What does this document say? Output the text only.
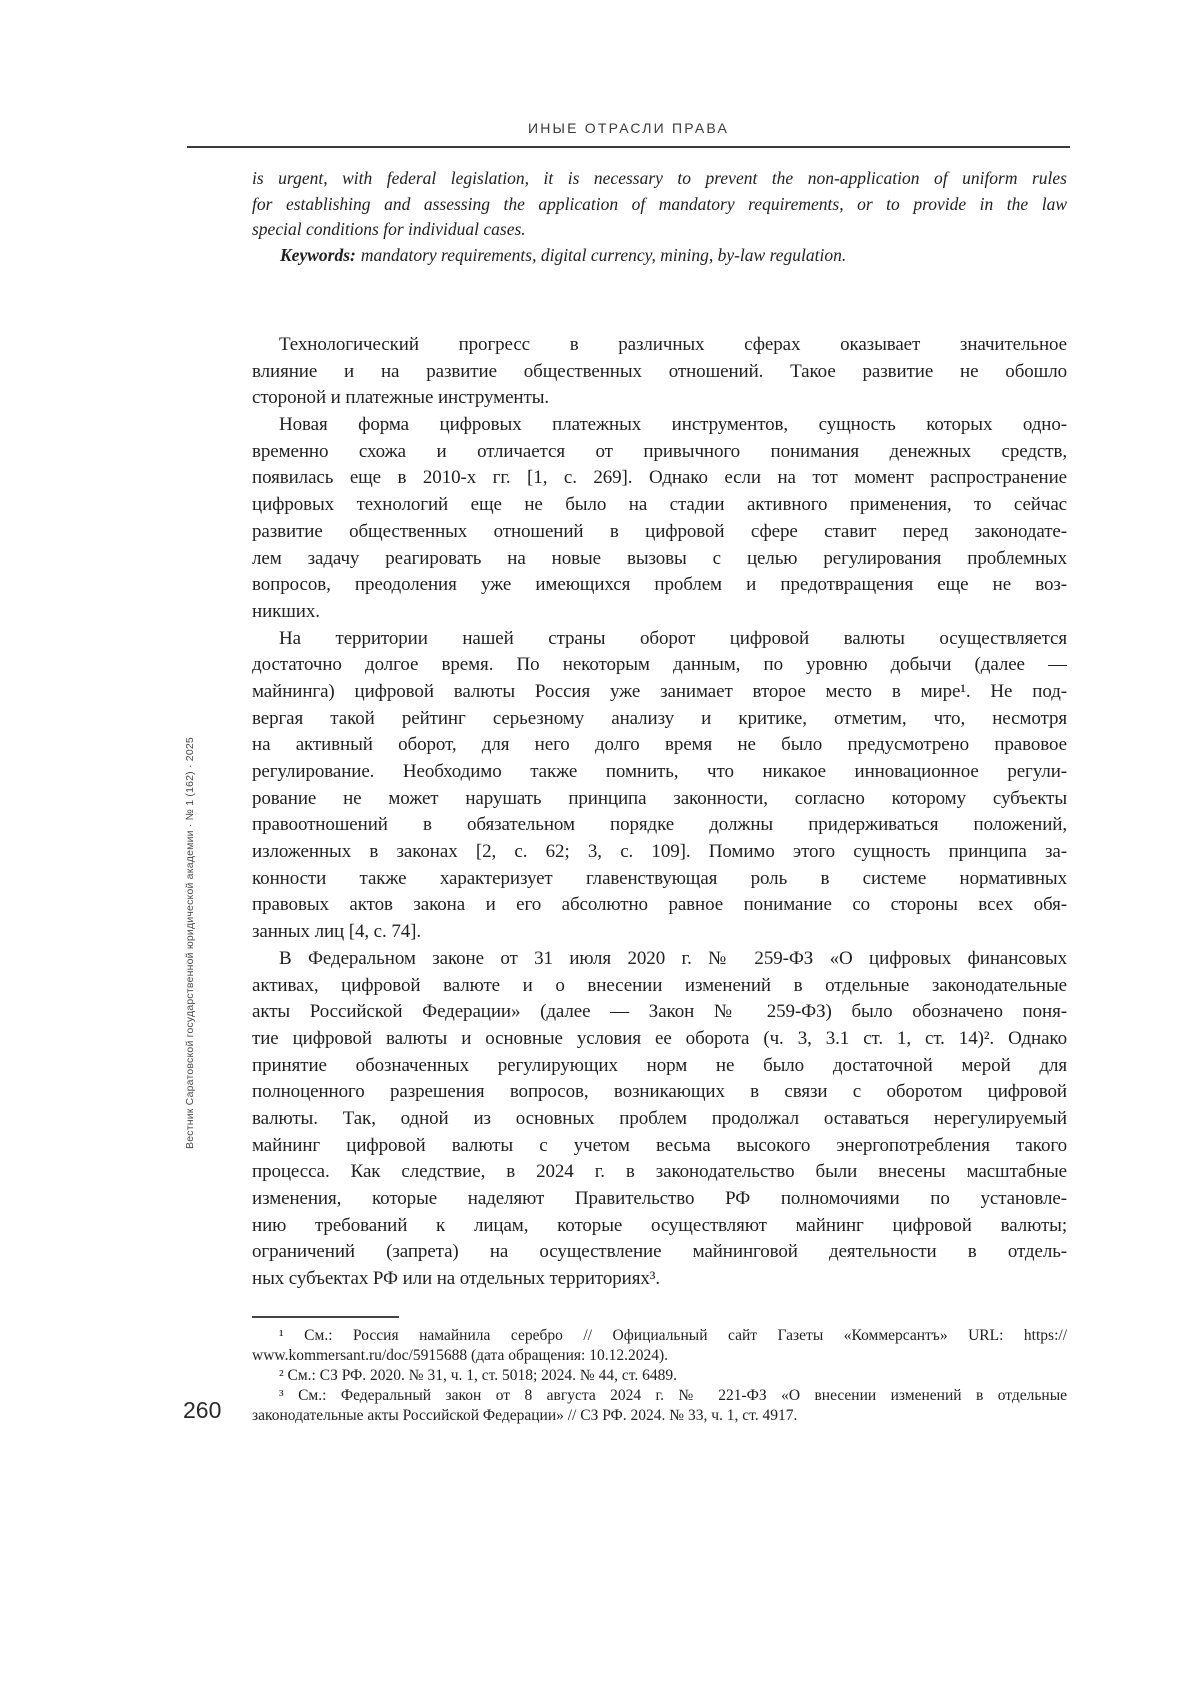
ИНЫЕ ОТРАСЛИ ПРАВА
is urgent, with federal legislation, it is necessary to prevent the non-application of uniform rules
for establishing and assessing the application of mandatory requirements, or to provide in the law
special conditions for individual cases.
Keywords: mandatory requirements, digital currency, mining, by-law regulation.
Технологический прогресс в различных сферах оказывает значительное
влияние и на развитие общественных отношений. Такое развитие не обошло
стороной и платежные инструменты.
Новая форма цифровых платежных инструментов, сущность которых одно-
временно схожа и отличается от привычного понимания денежных средств,
появилась еще в 2010-х гг. [1, с. 269]. Однако если на тот момент распространение
цифровых технологий еще не было на стадии активного применения, то сейчас
развитие общественных отношений в цифровой сфере ставит перед законодате-
лем задачу реагировать на новые вызовы с целью регулирования проблемных
вопросов, преодоления уже имеющихся проблем и предотвращения еще не воз-
никших.
На территории нашей страны оборот цифровой валюты осуществляется
достаточно долгое время. По некоторым данным, по уровню добычи (далее —
майнинга) цифровой валюты Россия уже занимает второе место в мире¹. Не под-
вергая такой рейтинг серьезному анализу и критике, отметим, что, несмотря
на активный оборот, для него долго время не было предусмотрено правовое
регулирование. Необходимо также помнить, что никакое инновационное регули-
рование не может нарушать принципа законности, согласно которому субъекты
правоотношений в обязательном порядке должны придерживаться положений,
изложенных в законах [2, с. 62; 3, с. 109]. Помимо этого сущность принципа за-
конности также характеризует главенствующая роль в системе нормативных
правовых актов закона и его абсолютно равное понимание со стороны всех обя-
занных лиц [4, с. 74].
В Федеральном законе от 31 июля 2020 г. № 259-ФЗ «О цифровых финансовых
активах, цифровой валюте и о внесении изменений в отдельные законодательные
акты Российской Федерации» (далее — Закон № 259-ФЗ) было обозначено поня-
тие цифровой валюты и основные условия ее оборота (ч. 3, 3.1 ст. 1, ст. 14)². Однако
принятие обозначенных регулирующих норм не было достаточной мерой для
полноценного разрешения вопросов, возникающих в связи с оборотом цифровой
валюты. Так, одной из основных проблем продолжал оставаться нерегулируемый
майнинг цифровой валюты с учетом весьма высокого энергопотребления такого
процесса. Как следствие, в 2024 г. в законодательство были внесены масштабные
изменения, которые наделяют Правительство РФ полномочиями по установле-
нию требований к лицам, которые осуществляют майнинг цифровой валюты;
ограничений (запрета) на осуществление майнинговой деятельности в отдель-
ных субъектах РФ или на отдельных территориях³.
¹ См.: Россия намайнила серебро // Официальный сайт Газеты «Коммерсантъ» URL: https://
www.kommersant.ru/doc/5915688 (дата обращения: 10.12.2024).
² См.: СЗ РФ. 2020. № 31, ч. 1, ст. 5018; 2024. № 44, ст. 6489.
³ См.: Федеральный закон от 8 августа 2024 г. № 221-ФЗ «О внесении изменений в отдельные
законодательные акты Российской Федерации» // СЗ РФ. 2024. № 33, ч. 1, ст. 4917.
Вестник Саратовской государственной юридической академии · № 1 (162) · 2025
260
